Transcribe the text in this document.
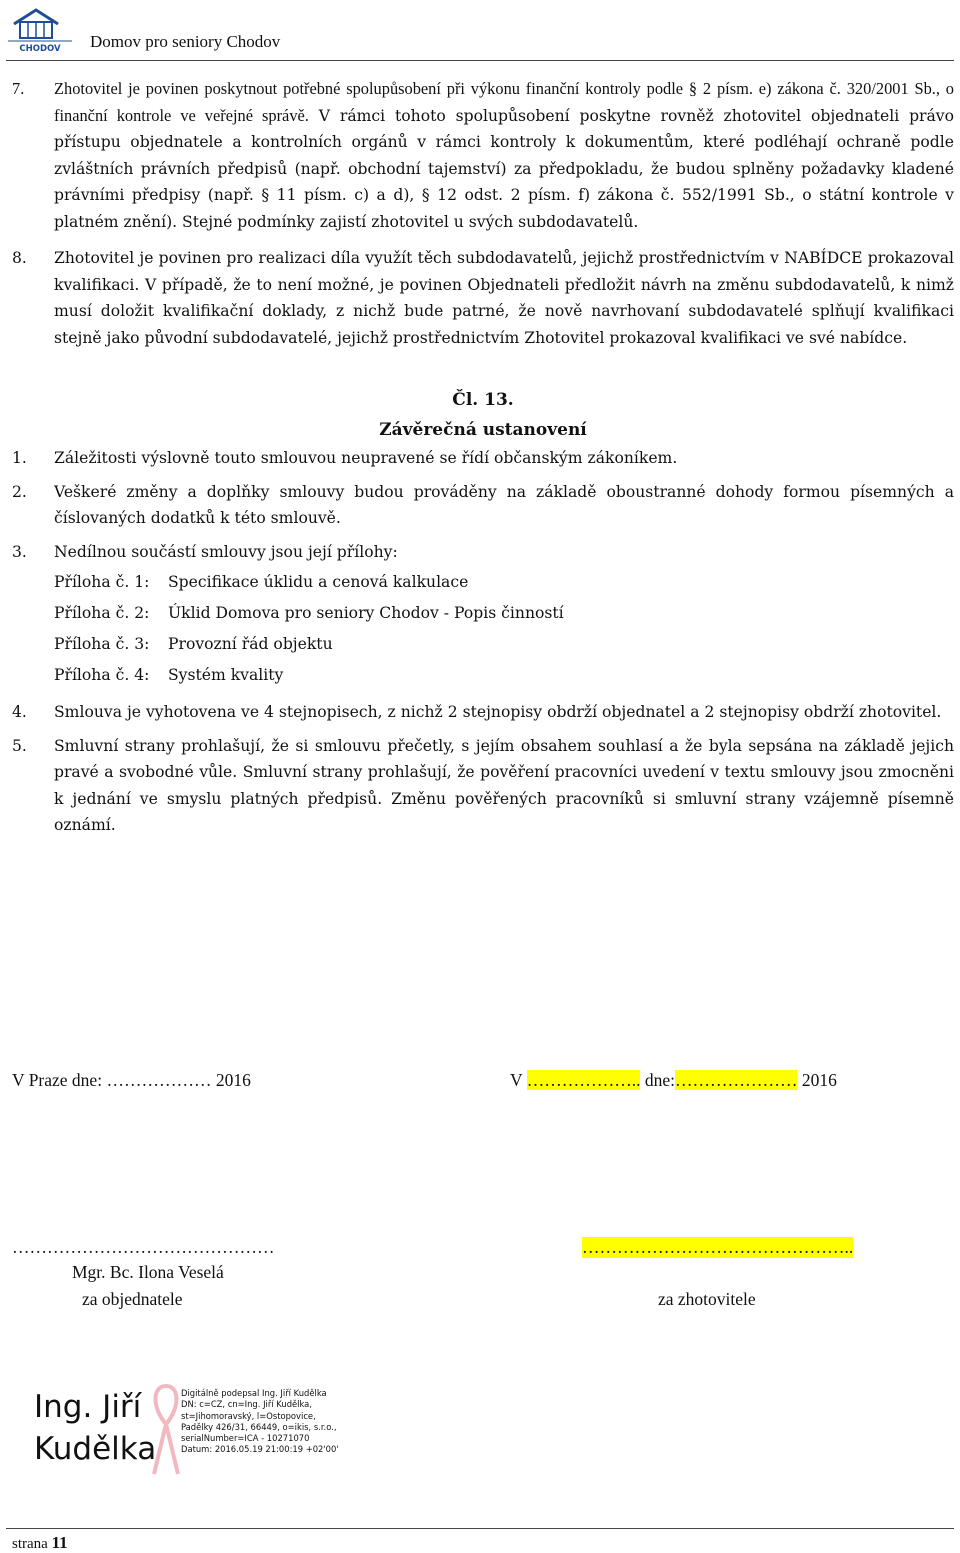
CHODOV Domov pro seniory Chodov
7.	Zhotovitel je povinen poskytnout potřebné spolupůsobení při výkonu finanční kontroly podle § 2 písm. e) zákona č. 320/2001 Sb., o finanční kontrole ve veřejné správě. V rámci tohoto spolupůsobení poskytne rovněž zhotovitel objednateli právo přístupu objednatele a kontrolních orgánů v rámci kontroly k dokumentům, které podléhají ochraně podle zvláštních právních předpisů (např. obchodní tajemství) za předpokladu, že budou splněny požadavky kladené právními předpisy (např. § 11 písm. c) a d), § 12 odst. 2 písm. f) zákona č. 552/1991 Sb., o státní kontrole v platném znění). Stejné podmínky zajistí zhotovitel u svých subdodavatelů.
8.	Zhotovitel je povinen pro realizaci díla využít těch subdodavatelů, jejichž prostřednictvím v NABÍDCE prokazoval kvalifikaci. V případě, že to není možné, je povinen Objednateli předložit návrh na změnu subdodavatelů, k nimž musí doložit kvalifikační doklady, z nichž bude patrné, že nově navrhovaní subdodavatelé splňují kvalifikaci stejně jako původní subdodavatelé, jejichž prostřednictvím Zhotovitel prokazoval kvalifikaci ve své nabídce.
Čl. 13.
Závěrečná ustanovení
1.	Záležitosti výslovně touto smlouvou neupravené se řídí občanským zákoníkem.
2.	Veškeré změny a doplňky smlouvy budou prováděny na základě oboustranné dohody formou písemných a číslovaných dodatků k této smlouvě.
3.	Nedílnou součástí smlouvy jsou její přílohy:
Příloha č. 1:	Specifikace úklidu a cenová kalkulace
Příloha č. 2:	Úklid Domova pro seniory Chodov - Popis činností
Příloha č. 3:	Provozní řád objektu
Příloha č. 4:	Systém kvality
4.	Smlouva je vyhotovena ve 4 stejnopisech, z nichž 2 stejnopisy obdrží objednatel a 2 stejnopisy obdrží zhotovitel.
5.	Smluvní strany prohlašují, že si smlouvu přečetly, s jejím obsahem souhlasí a že byla sepsána na základě jejich pravé a svobodné vůle. Smluvní strany prohlašují, že pověření pracovníci uvedení v textu smlouvy jsou zmocněni k jednání ve smyslu platných předpisů. Změnu pověřených pracovníků si smluvní strany vzájemně písemně oznámí.
V Praze dne: ……………… 2016	V ……………….. dne:………………… 2016
………………………………………	………………………………………..
Mgr. Bc. Ilona Veselá
za objednatele	za zhotovitele
Ing. Jiří
Kudělka
Digitálně podepsal Ing. Jiří Kudělka
DN: c=CZ, cn=Ing. Jiří Kudělka,
st=Jihomoravský, l=Ostopovice,
Padělky 426/31, 66449, o=ikis, s.r.o.,
serialNumber=ICA - 10271070
Datum: 2016.05.19 21:00:19 +02'00'
strana 11
